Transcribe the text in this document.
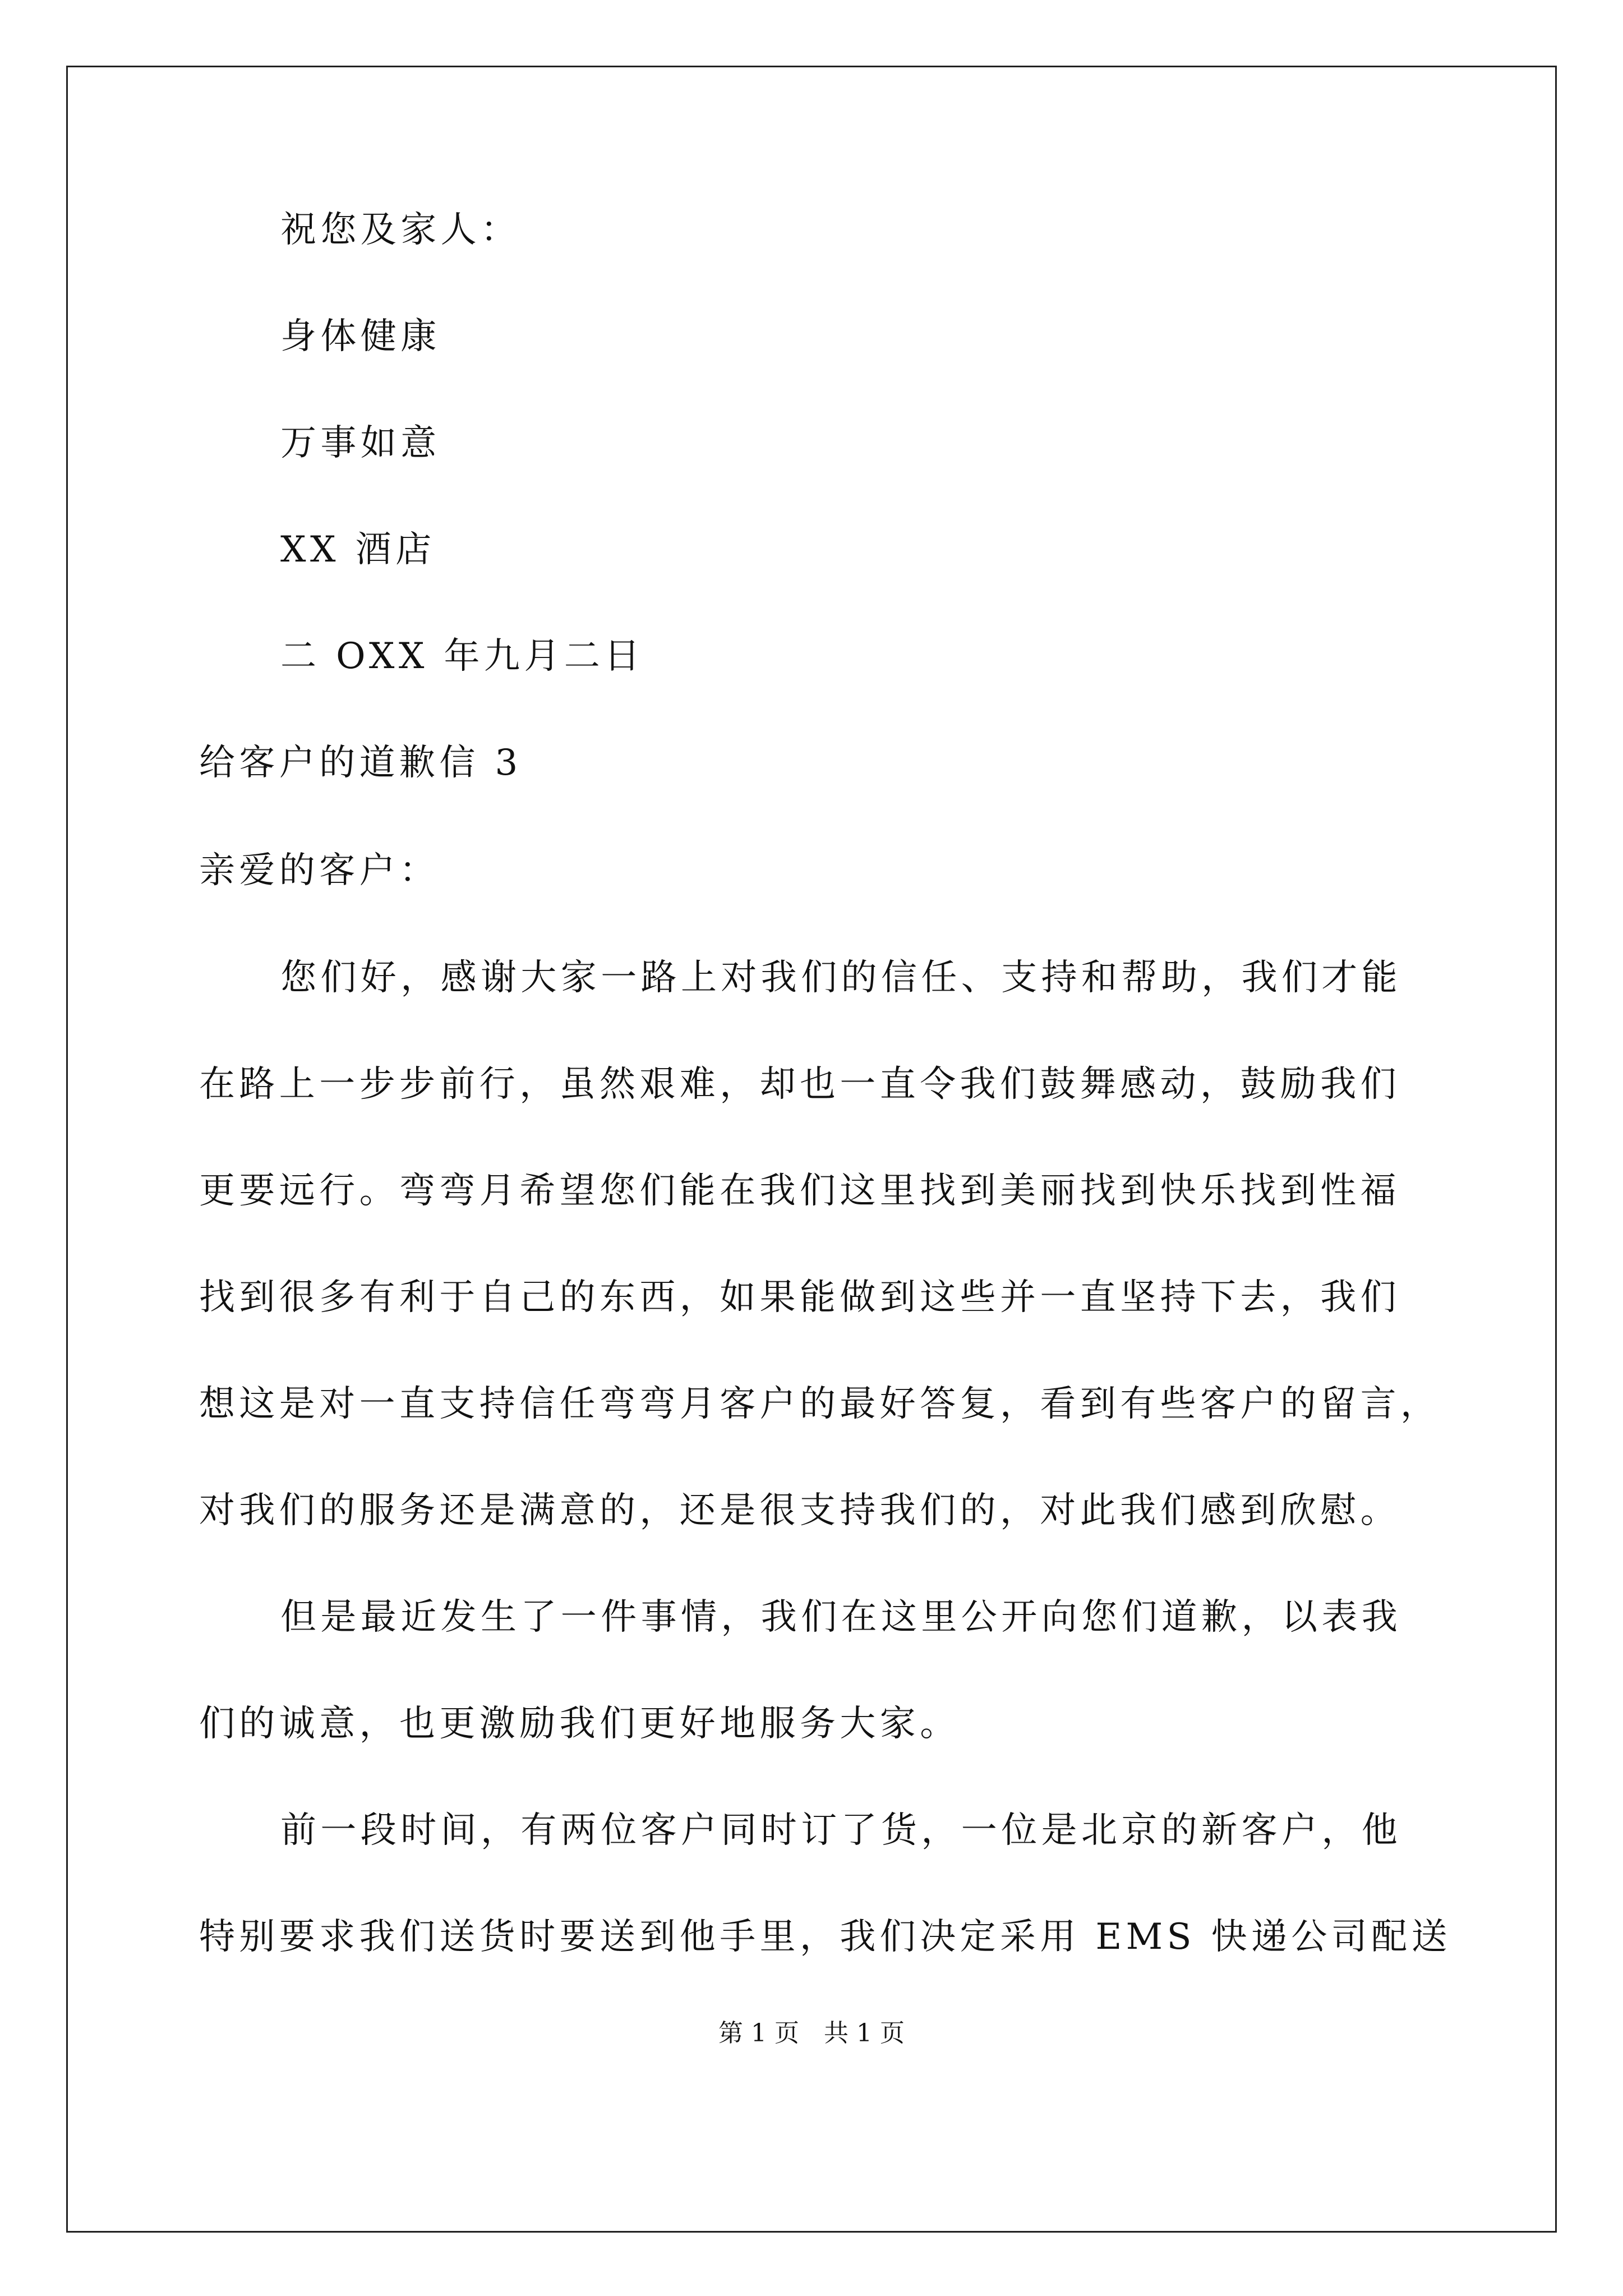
祝您及家人：

身体健康

万事如意

XX 酒店

二 OXX 年九月二日

给客户的道歉信 3

亲爱的客户：

您们好，感谢大家一路上对我们的信任、支持和帮助，我们才能

在路上一步步前行，虽然艰难，却也一直令我们鼓舞感动，鼓励我们

更要远行。弯弯月希望您们能在我们这里找到美丽找到快乐找到性福

找到很多有利于自己的东西，如果能做到这些并一直坚持下去，我们

想这是对一直支持信任弯弯月客户的最好答复，看到有些客户的留言，

对我们的服务还是满意的，还是很支持我们的，对此我们感到欣慰。

但是最近发生了一件事情，我们在这里公开向您们道歉，以表我

们的诚意，也更激励我们更好地服务大家。

前一段时间，有两位客户同时订了货，一位是北京的新客户，他

特别要求我们送货时要送到他手里，我们决定采用 EMS 快递公司配送

第 1 页　共 1 页
